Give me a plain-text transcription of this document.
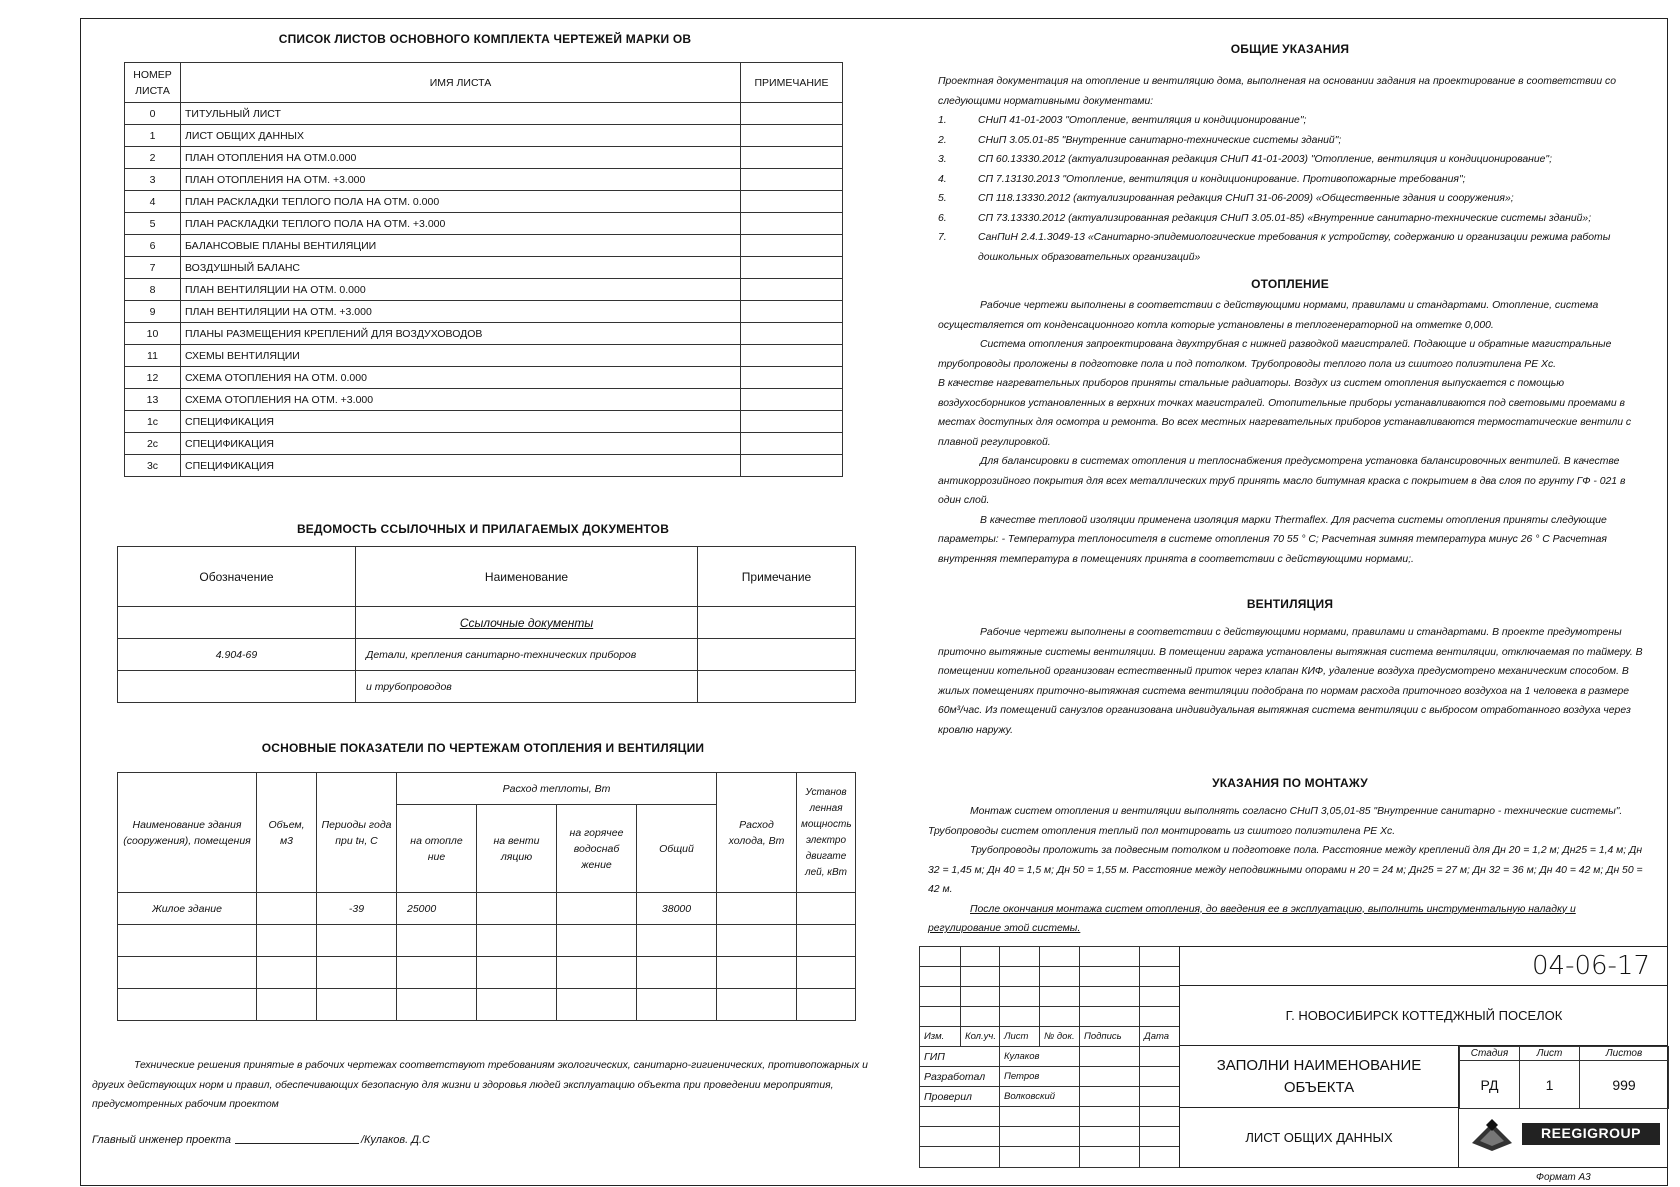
СПИСОК ЛИСТОВ ОСНОВНОГО КОМПЛЕКТА ЧЕРТЕЖЕЙ МАРКИ ОВ
НОМЕР
ЛИСТА	ИМЯ ЛИСТА	ПРИМЕЧАНИЕ
0	ТИТУЛЬНЫЙ ЛИСТ	
1	ЛИСТ ОБЩИХ ДАННЫХ	
2	ПЛАН ОТОПЛЕНИЯ НА ОТМ.0.000	
3	ПЛАН ОТОПЛЕНИЯ НА ОТМ. +3.000	
4	ПЛАН РАСКЛАДКИ ТЕПЛОГО ПОЛА НА ОТМ. 0.000	
5	ПЛАН РАСКЛАДКИ ТЕПЛОГО ПОЛА НА ОТМ. +3.000	
6	БАЛАНСОВЫЕ ПЛАНЫ ВЕНТИЛЯЦИИ	
7	ВОЗДУШНЫЙ БАЛАНС	
8	ПЛАН ВЕНТИЛЯЦИИ НА ОТМ. 0.000	
9	ПЛАН ВЕНТИЛЯЦИИ НА ОТМ. +3.000	
10	ПЛАНЫ РАЗМЕЩЕНИЯ КРЕПЛЕНИЙ ДЛЯ ВОЗДУХОВОДОВ	
11	СХЕМЫ ВЕНТИЛЯЦИИ	
12	СХЕМА ОТОПЛЕНИЯ НА ОТМ. 0.000	
13	СХЕМА ОТОПЛЕНИЯ НА ОТМ. +3.000	
1с	СПЕЦИФИКАЦИЯ	
2с	СПЕЦИФИКАЦИЯ	
3с	СПЕЦИФИКАЦИЯ	
ВЕДОМОСТЬ ССЫЛОЧНЫХ И ПРИЛАГАЕМЫХ ДОКУМЕНТОВ
Обозначение	Наименование	Примечание
	Ссылочные документы	
4.904-69	Детали, крепления санитарно-технических приборов	
	и трубопроводов	
ОСНОВНЫЕ ПОКАЗАТЕЛИ ПО ЧЕРТЕЖАМ ОТОПЛЕНИЯ И ВЕНТИЛЯЦИИ
Наименование здания (сооружения), помещения	Объем, м3	Периоды года при tн, С	Расход теплоты, Вт				Расход холода, Вт	Установ ленная мощность электро двигате лей, кВт
			на отопле ние	на венти ляцию	на горячее водоснаб жение	Общий		
Жилое здание		-39	25000			38000		

Технические решения принятые в рабочих чертежах соответствуют требованиям экологических, санитарно-гигиенических, противопожарных и других действующих норм и правил, обеспечивающих безопасную для жизни и здоровья людей эксплуатацию объекта при проведении мероприятия, предусмотренных рабочим проектом
Главный инженер проекта	/Кулаков. Д.С
ОБЩИЕ УКАЗАНИЯ

Проектная документация на отопление и вентиляцию дома, выполненая на основании задания на проектирование в соответствии со следующими нормативными документами:

1.	СНиП 41-01-2003 "Отопление, вентиляция и кондиционирование";
2.	СНиП 3.05.01-85 "Внутренние санитарно-технические системы зданий";
3.	СП 60.13330.2012 (актуализированная редакция СНиП 41-01-2003) "Отопление, вентиляция и кондиционирование";
4.	СП 7.13130.2013 "Отопление, вентиляция и кондиционирование. Противопожарные требования";
5.	СП 118.13330.2012 (актуализированная редакция СНиП 31-06-2009) «Общественные здания и сооружения»;
6.	СП 73.13330.2012 (актуализированная редакция СНиП 3.05.01-85) «Внутренние санитарно-технические системы зданий»;
7.	СанПиН 2.4.1.3049-13 «Санитарно-эпидемиологические требования к устройству, содержанию и организации режима работы дошкольных образовательных организаций»
ОТОПЛЕНИЕ

Рабочие чертежи выполнены в соответствии с действующими нормами, правилами и стандартами. Отопление, система осуществляется от конденсационного котла которые установлены в теплогенераторной на отметке 0,000.

Система отопления запроектирована двухтрубная с нижней разводкой магистралей. Подающие и обратные магистральные трубопроводы проложены в подготовке пола и под потолком. Трубопроводы теплого пола из сшитого полиэтилена PE Xc.

В качестве нагревательных приборов приняты стальные радиаторы. Воздух из систем отопления выпускается с помощью воздухосборников установленных в верхних точках магистралей. Отопительные приборы устанавливаются под световыми проемами в местах доступных для осмотра и ремонта. Во всех местных нагревательных приборов устанавливаются термостатические вентили с плавной регулировкой.

Для балансировки в системах отопления и теплоснабжения предусмотрена установка балансировочных вентилей. В качестве антикоррозийного покрытия для всех металлических труб принять масло битумная краска с покрытием в два слоя по грунту ГФ - 021 в один слой.

В качестве тепловой изоляции применена изоляция марки Thermaflex. Для расчета системы отопления приняты следующие параметры: - Температура теплоносителя в системе отопления 70 55 ° С; Расчетная зимняя температура минус 26 ° С Расчетная внутренняя температура в помещениях принята в соответствии с действующими нормами;.

ВЕНТИЛЯЦИЯ

Рабочие чертежи выполнены в соответствии с действующими нормами, правилами и стандартами. В проекте предумотрены приточно вытяжные системы вентиляции. В помещении гаража установлены вытяжная система вентиляции, отключаемая по таймеру. В помещении котельной организован естественный приток через клапан КИФ, удаление воздуха предусмотрено механическим способом. В жилых помещениях приточно-вытяжная система вентиляции подобрана по нормам расхода приточного воздухоа на 1 человека в размере 60м³/час. Из помещений санузлов организована индивидуальная вытяжная система вентиляции с выбросом отработанного воздуха через кровлю наружу.

УКАЗАНИЯ ПО МОНТАЖУ

Монтаж систем отопления и вентиляции выполнять согласно СНиП 3,05,01-85 "Внутренние санитарно - технические системы". Трубопроводы систем отопления теплый пол монтировать из сшитого полиэтилена PE Xc.

Трубопроводы проложить за подвесным потолком и подготовке пола. Расстояние между креплений для Дн 20 = 1,2 м; Дн25 = 1,4 м; Дн 32 = 1,45 м; Дн 40 = 1,5 м; Дн 50 = 1,55 м. Расстояние между неподвижными опорами н 20 = 24 м; Дн25 = 27 м; Дн 32 = 36 м; Дн 40 = 42 м; Дн 50 = 42 м.

После окончания монтажа систем отопления, до введения ее в эксплуатацию, выполнить инструментальную наладку и регулирование этой системы.

Изм.	Кол.уч.	Лист	№ док.	Подпись	Дата
ГИП	Кулаков		
Разработал	Петров		
Проверил	Волковский		

04-06-17
Г. НОВОСИБИРСК КОТТЕДЖНЫЙ ПОСЕЛОК
ЗАПОЛНИ НАИМЕНОВАНИЕ
ОБЪЕКТА
Стадия	Лист	Листов
РД	1	999
ЛИСТ ОБЩИХ ДАННЫХ	REEGIGROUP
Формат А3
